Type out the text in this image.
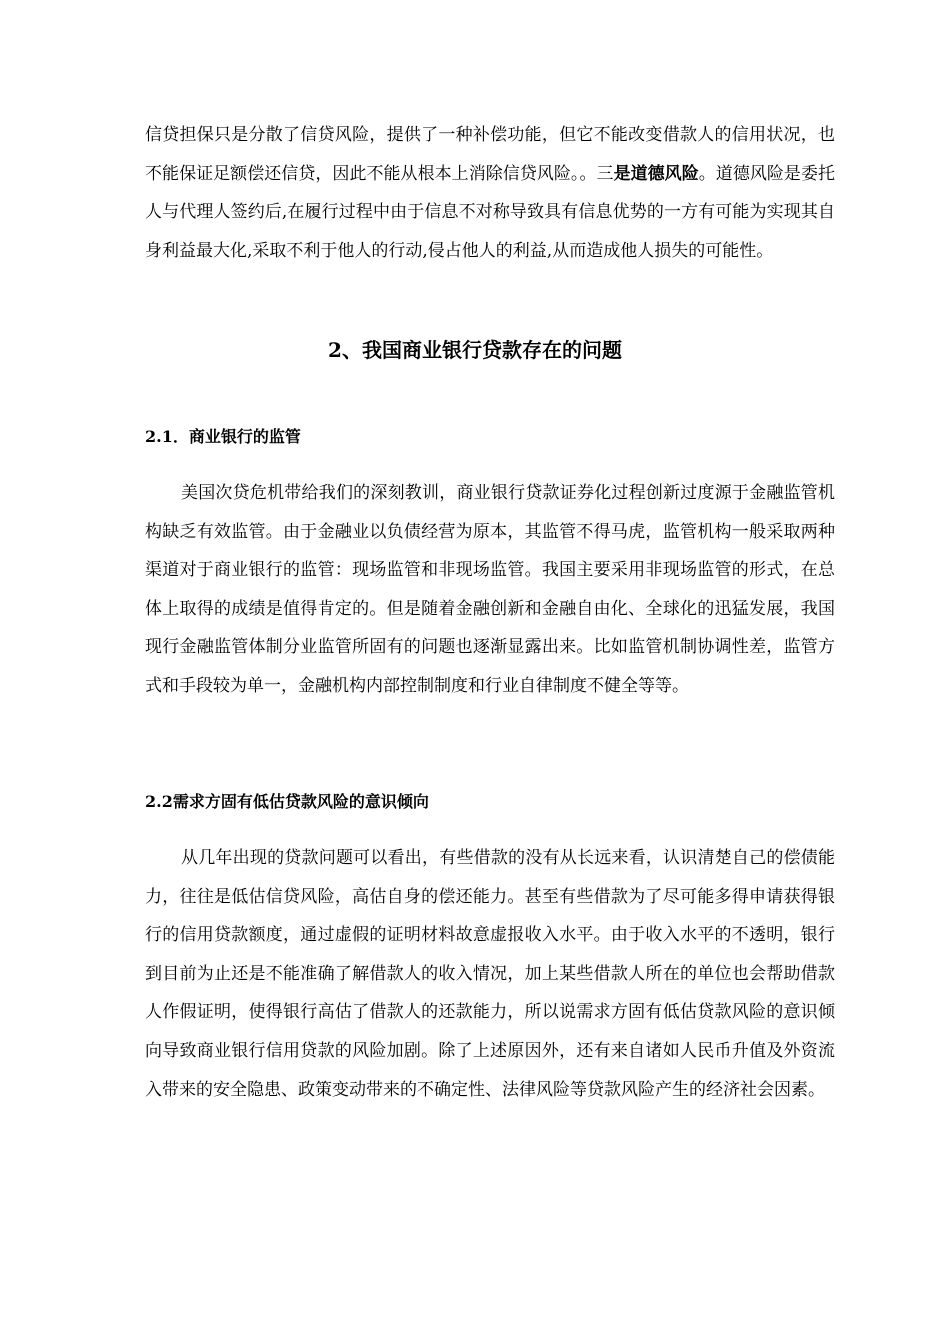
信贷担保只是分散了信贷风险，提供了一种补偿功能，但它不能改变借款人的信用状况，也不能保证足额偿还信贷，因此不能从根本上消除信贷风险。。三是道德风险。道德风险是委托人与代理人签约后,在履行过程中由于信息不对称导致具有信息优势的一方有可能为实现其自身利益最大化,采取不利于他人的行动,侵占他人的利益,从而造成他人损失的可能性。

2、我国商业银行贷款存在的问题
2.1．商业银行的监管

美国次贷危机带给我们的深刻教训，商业银行贷款证券化过程创新过度源于金融监管机构缺乏有效监管。由于金融业以负债经营为原本，其监管不得马虎，监管机构一般采取两种渠道对于商业银行的监管：现场监管和非现场监管。我国主要采用非现场监管的形式，在总体上取得的成绩是值得肯定的。但是随着金融创新和金融自由化、全球化的迅猛发展，我国现行金融监管体制分业监管所固有的问题也逐渐显露出来。比如监管机制协调性差，监管方式和手段较为单一，金融机构内部控制制度和行业自律制度不健全等等。

2.2需求方固有低估贷款风险的意识倾向

从几年出现的贷款问题可以看出，有些借款的没有从长远来看，认识清楚自己的偿债能力，往往是低估信贷风险，高估自身的偿还能力。甚至有些借款为了尽可能多得申请获得银行的信用贷款额度，通过虚假的证明材料故意虚报收入水平。由于收入水平的不透明，银行到目前为止还是不能准确了解借款人的收入情况，加上某些借款人所在的单位也会帮助借款人作假证明，使得银行高估了借款人的还款能力，所以说需求方固有低估贷款风险的意识倾向导致商业银行信用贷款的风险加剧。除了上述原因外，还有来自诸如人民币升值及外资流入带来的安全隐患、政策变动带来的不确定性、法律风险等贷款风险产生的经济社会因素。
